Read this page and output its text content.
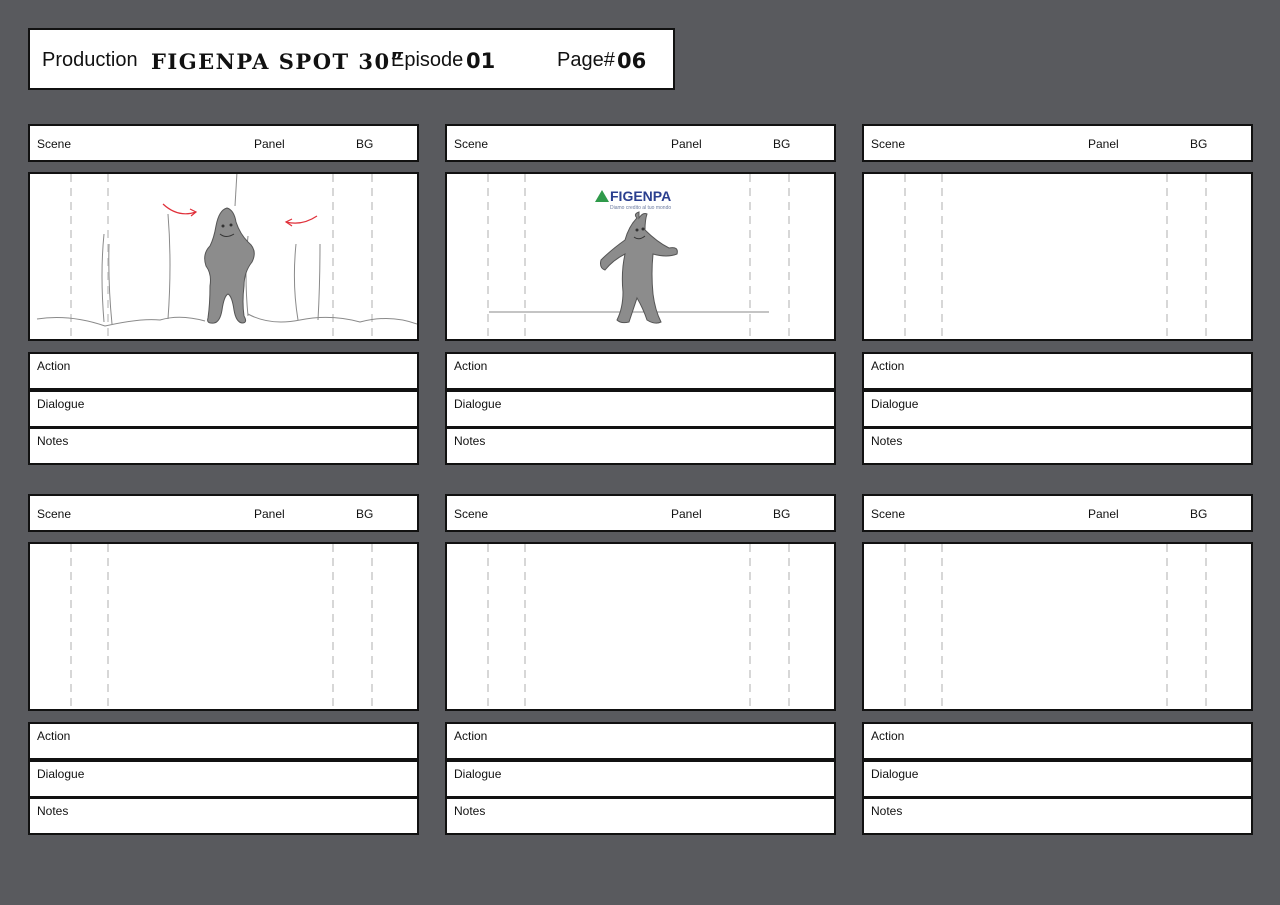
Production FIGENPA SPOT 30”
Episode 01	Page# 06
Scene	Panel	BG
Action
Dialogue
Notes
Scene	Panel	BG
FIGENPA
Diamo credito al tuo mondo
Action
Dialogue
Notes
Scene	Panel	BG
Action
Dialogue
Notes
Scene	Panel	BG
Action
Dialogue
Notes
Scene	Panel	BG
Action
Dialogue
Notes
Scene	Panel	BG
Action
Dialogue
Notes
